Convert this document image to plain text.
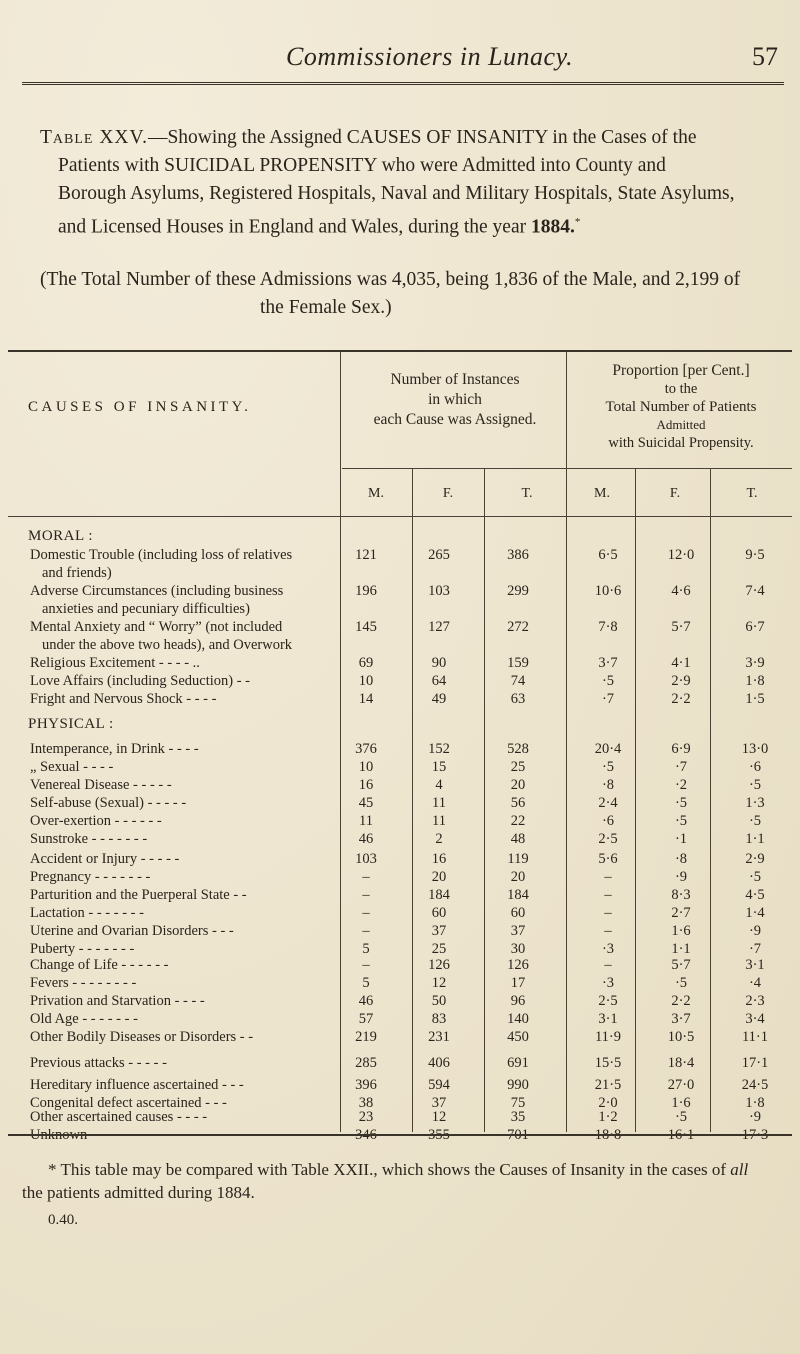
Commissioners in Lunacy.	57

Table XXV.—Showing the Assigned CAUSES OF INSANITY in the Cases of the

Patients with SUICIDAL PROPENSITY who were Admitted into County and

Borough Asylums, Registered Hospitals, Naval and Military Hospitals, State Asylums,

and Licensed Houses in England and Wales, during the year 1884.*

(The Total Number of these Admissions was 4,035, being 1,836 of the Male, and 2,199 of

the Female Sex.)

CAUSES OF INSANITY.
Number of Instances
in which
each Cause was Assigned.
Proportion [per Cent.]
to the
Total Number of Patients
Admitted
with Suicidal Propensity.
M.	F.	T.	M.	F.	T.
MORAL :
PHYSICAL :
Domestic Trouble (including loss of relatives	121	265	386	6·5	12·0	9·5
and friends)
Adverse Circumstances (including business	196	103	299	10·6	4·6	7·4
anxieties and pecuniary difficulties)
Mental Anxiety and “ Worry” (not included	145	127	272	7·8	5·7	6·7
under the above two heads), and Overwork
Religious Excitement - - - - ..	69	90	159	3·7	4·1	3·9
Love Affairs (including Seduction) - -	10	64	74	·5	2·9	1·8
Fright and Nervous Shock - - - -	14	49	63	·7	2·2	1·5
Intemperance, in Drink - - - -	376	152	528	20·4	6·9	13·0
„ Sexual - - - -	10	15	25	·5	·7	·6
Venereal Disease - - - - -	16	4	20	·8	·2	·5
Self-abuse (Sexual) - - - - -	45	11	56	2·4	·5	1·3
Over-exertion - - - - - -	11	11	22	·6	·5	·5
Sunstroke - - - - - - -	46	2	48	2·5	·1	1·1
Accident or Injury - - - - -	103	16	119	5·6	·8	2·9
Pregnancy - - - - - - -	–	20	20	–	·9	·5
Parturition and the Puerperal State - -	–	184	184	–	8·3	4·5
Lactation - - - - - - -	–	60	60	–	2·7	1·4
Uterine and Ovarian Disorders - - -	–	37	37	–	1·6	·9
Puberty - - - - - - -	5	25	30	·3	1·1	·7
Change of Life - - - - - -	–	126	126	–	5·7	3·1
Fevers - - - - - - - -	5	12	17	·3	·5	·4
Privation and Starvation - - - -	46	50	96	2·5	2·2	2·3
Old Age - - - - - - -	57	83	140	3·1	3·7	3·4
Other Bodily Diseases or Disorders - -	219	231	450	11·9	10·5	11·1
Previous attacks - - - - -	285	406	691	15·5	18·4	17·1
Hereditary influence ascertained - - -	396	594	990	21·5	27·0	24·5
Congenital defect ascertained - - -	38	37	75	2·0	1·6	1·8
Other ascertained causes - - - -	23	12	35	1·2	·5	·9
Unknown - - - - - - -	346	355	701	18·8	16·1	17·3

* This table may be compared with Table XXII., which shows the Causes of Insanity in the cases of all

the patients admitted during 1884.

0.40.
